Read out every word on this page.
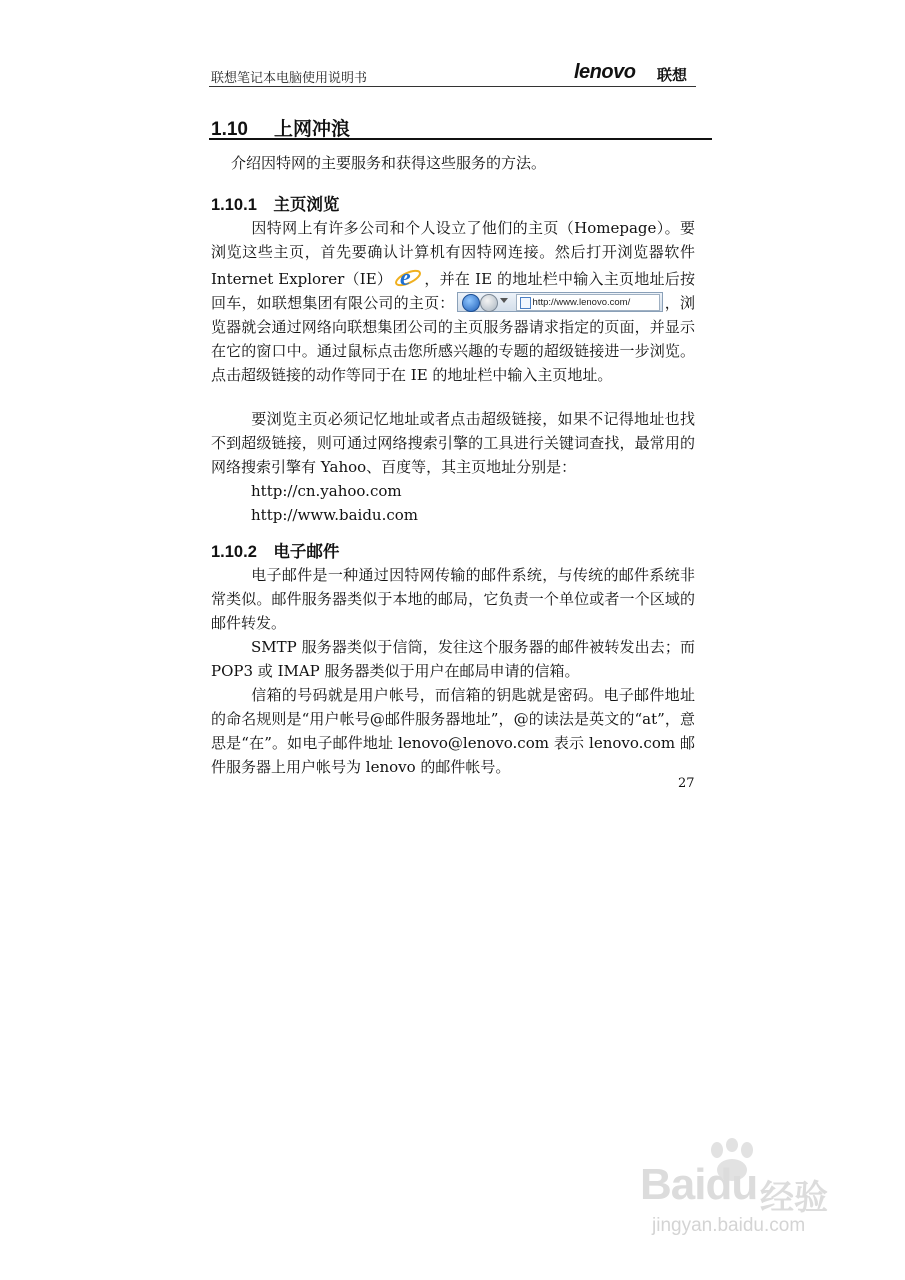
联想笔记本电脑使用说明书	lenovo 联想
1.10 上网冲浪
介绍因特网的主要服务和获得这些服务的方法。
1.10.1　主页浏览
因特网上有许多公司和个人设立了他们的主页（Homepage）。要浏览这些主页，首先要确认计算机有因特网连接。然后打开浏览器软件 Internet Explorer（IE） e ，并在 IE 的地址栏中输入主页地址后按回车，如联想集团有限公司的主页：	http://www.lenovo.com/	，浏览器就会通过网络向联想集团公司的主页服务器请求指定的页面，并显示在它的窗口中。通过鼠标点击您所感兴趣的专题的超级链接进一步浏览。点击超级链接的动作等同于在 IE 的地址栏中输入主页地址。
要浏览主页必须记忆地址或者点击超级链接，如果不记得地址也找不到超级链接，则可通过网络搜索引擎的工具进行关键词查找，最常用的网络搜索引擎有 Yahoo、百度等，其主页地址分别是：
http://cn.yahoo.com
http://www.baidu.com
1.10.2　电子邮件
电子邮件是一种通过因特网传输的邮件系统，与传统的邮件系统非常类似。邮件服务器类似于本地的邮局，它负责一个单位或者一个区域的邮件转发。
SMTP 服务器类似于信筒，发往这个服务器的邮件被转发出去；而 POP3 或 IMAP 服务器类似于用户在邮局申请的信箱。
信箱的号码就是用户帐号，而信箱的钥匙就是密码。电子邮件地址的命名规则是“用户帐号@邮件服务器地址”，@的读法是英文的“at”，意思是“在”。如电子邮件地址 lenovo@lenovo.com 表示 lenovo.com 邮件服务器上用户帐号为 lenovo 的邮件帐号。
27
Baidu 经验
jingyan.baidu.com
